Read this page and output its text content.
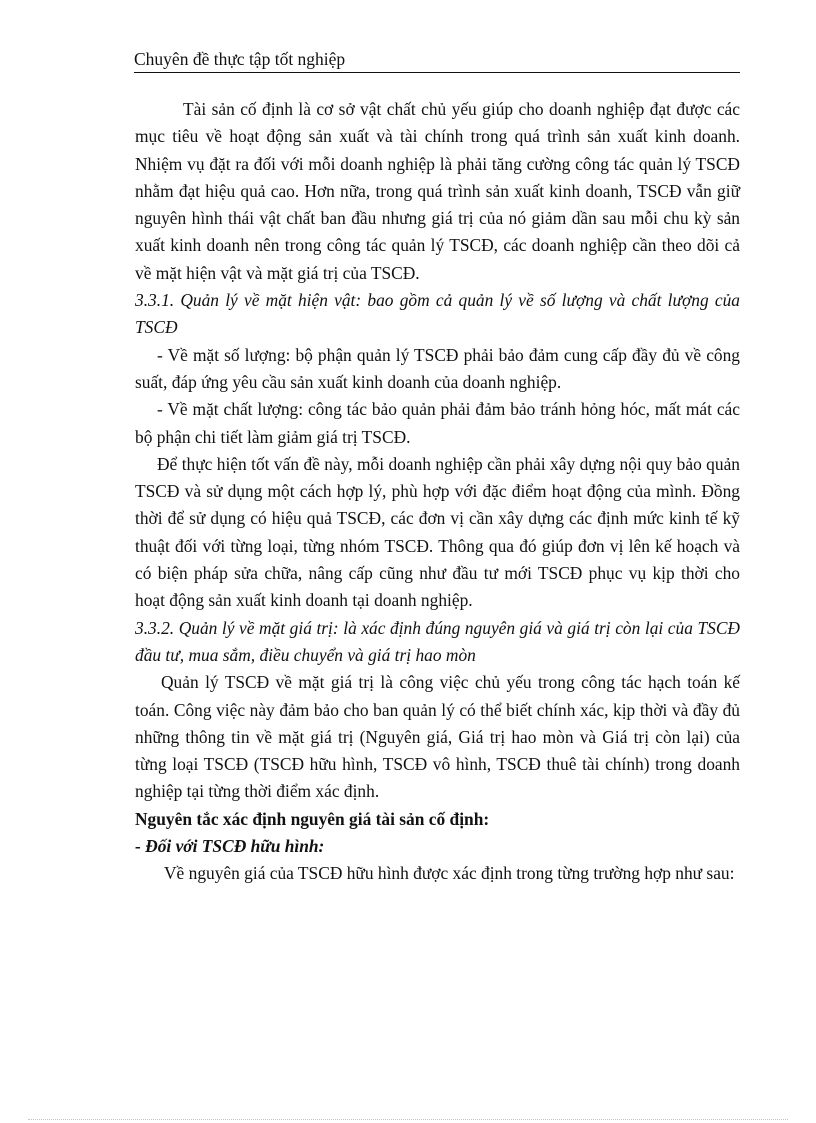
Chuyên đề thực tập tốt nghiệp

Tài sản cố định là cơ sở vật chất chủ yếu giúp cho doanh nghiệp đạt được các mục tiêu về hoạt động sản xuất và tài chính trong quá trình sản xuất kinh doanh. Nhiệm vụ đặt ra đối với mỗi doanh nghiệp là phải tăng cường công tác quản lý TSCĐ nhằm đạt hiệu quả cao. Hơn nữa, trong quá trình sản xuất kinh doanh, TSCĐ vẫn giữ nguyên hình thái vật chất ban đầu nhưng giá trị của nó giảm dần sau mỗi chu kỳ sản xuất kinh doanh nên trong công tác quản lý TSCĐ, các doanh nghiệp cần theo dõi cả về mặt hiện vật và mặt giá trị của TSCĐ.

3.3.1. Quản lý về mặt hiện vật: bao gồm cả quản lý về số lượng và chất lượng của TSCĐ

- Về mặt số lượng: bộ phận quản lý TSCĐ phải bảo đảm cung cấp đầy đủ về công suất, đáp ứng yêu cầu sản xuất kinh doanh của doanh nghiệp.

- Về mặt chất lượng: công tác bảo quản phải đảm bảo tránh hỏng hóc, mất mát các bộ phận chi tiết làm giảm giá trị TSCĐ.

Để thực hiện tốt vấn đề này, mỗi doanh nghiệp cần phải xây dựng nội quy bảo quản TSCĐ và sử dụng một cách hợp lý, phù hợp với đặc điểm hoạt động của mình. Đồng thời để sử dụng có hiệu quả TSCĐ, các đơn vị cần xây dựng các định mức kinh tế kỹ thuật đối với từng loại, từng nhóm TSCĐ. Thông qua đó giúp đơn vị lên kế hoạch và có biện pháp sửa chữa, nâng cấp cũng như đầu tư mới TSCĐ phục vụ kịp thời cho hoạt động sản xuất kinh doanh tại doanh nghiệp.

3.3.2. Quản lý về mặt giá trị: là xác định đúng nguyên giá và giá trị còn lại của TSCĐ đầu tư, mua sắm, điều chuyển và giá trị hao mòn

Quản lý TSCĐ về mặt giá trị là công việc chủ yếu trong công tác hạch toán kế toán. Công việc này đảm bảo cho ban quản lý có thể biết chính xác, kịp thời và đầy đủ những thông tin về mặt giá trị (Nguyên giá, Giá trị hao mòn và Giá trị còn lại) của từng loại TSCĐ (TSCĐ hữu hình, TSCĐ vô hình, TSCĐ thuê tài chính) trong doanh nghiệp tại từng thời điểm xác định.

Nguyên tắc xác định nguyên giá tài sản cố định:

- Đối với TSCĐ hữu hình:

Về nguyên giá của TSCĐ hữu hình được xác định trong từng trường hợp như sau:
